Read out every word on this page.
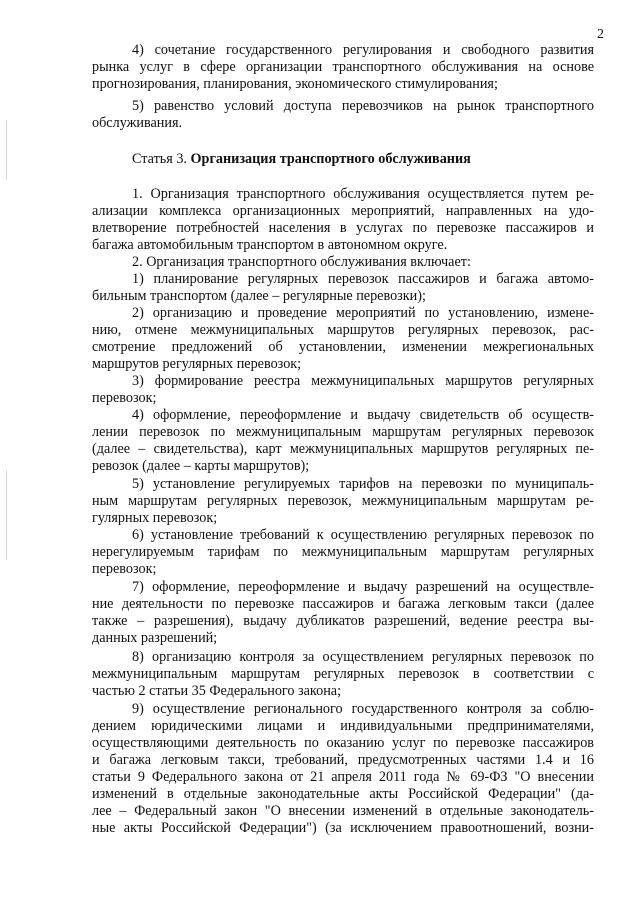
2
4) сочетание государственного регулирования и свободного развития
рынка услуг в сфере организации транспортного обслуживания на основе
прогнозирования, планирования, экономического стимулирования;
5) равенство условий доступа перевозчиков на рынок транспортного
обслуживания.
Статья 3. Организация транспортного обслуживания
1. Организация транспортного обслуживания осуществляется путем ре-
ализации комплекса организационных мероприятий, направленных на удо-
влетворение потребностей населения в услугах по перевозке пассажиров и
багажа автомобильным транспортом в автономном округе.
2. Организация транспортного обслуживания включает:
1) планирование регулярных перевозок пассажиров и багажа автомо-
бильным транспортом (далее – регулярные перевозки);
2) организацию и проведение мероприятий по установлению, измене-
нию, отмене межмуниципальных маршрутов регулярных перевозок, рас-
смотрение предложений об установлении, изменении межрегиональных
маршрутов регулярных перевозок;
3) формирование реестра межмуниципальных маршрутов регулярных
перевозок;
4) оформление, переоформление и выдачу свидетельств об осуществ-
лении перевозок по межмуниципальным маршрутам регулярных перевозок
(далее – свидетельства), карт межмуниципальных маршрутов регулярных пе-
ревозок (далее – карты маршрутов);
5) установление регулируемых тарифов на перевозки по муниципаль-
ным маршрутам регулярных перевозок, межмуниципальным маршрутам ре-
гулярных перевозок;
6) установление требований к осуществлению регулярных перевозок по
нерегулируемым тарифам по межмуниципальным маршрутам регулярных
перевозок;
7) оформление, переоформление и выдачу разрешений на осуществле-
ние деятельности по перевозке пассажиров и багажа легковым такси (далее
также – разрешения), выдачу дубликатов разрешений, ведение реестра вы-
данных разрешений;
8) организацию контроля за осуществлением регулярных перевозок по
межмуниципальным маршрутам регулярных перевозок в соответствии с
частью 2 статьи 35 Федерального закона;
9) осуществление регионального государственного контроля за соблю-
дением юридическими лицами и индивидуальными предпринимателями,
осуществляющими деятельность по оказанию услуг по перевозке пассажиров
и багажа легковым такси, требований, предусмотренных частями 1.4 и 16
статьи 9 Федерального закона от 21 апреля 2011 года № 69-ФЗ "О внесении
изменений в отдельные законодательные акты Российской Федерации" (да-
лее – Федеральный закон "О внесении изменений в отдельные законодатель-
ные акты Российской Федерации") (за исключением правоотношений, возни-
